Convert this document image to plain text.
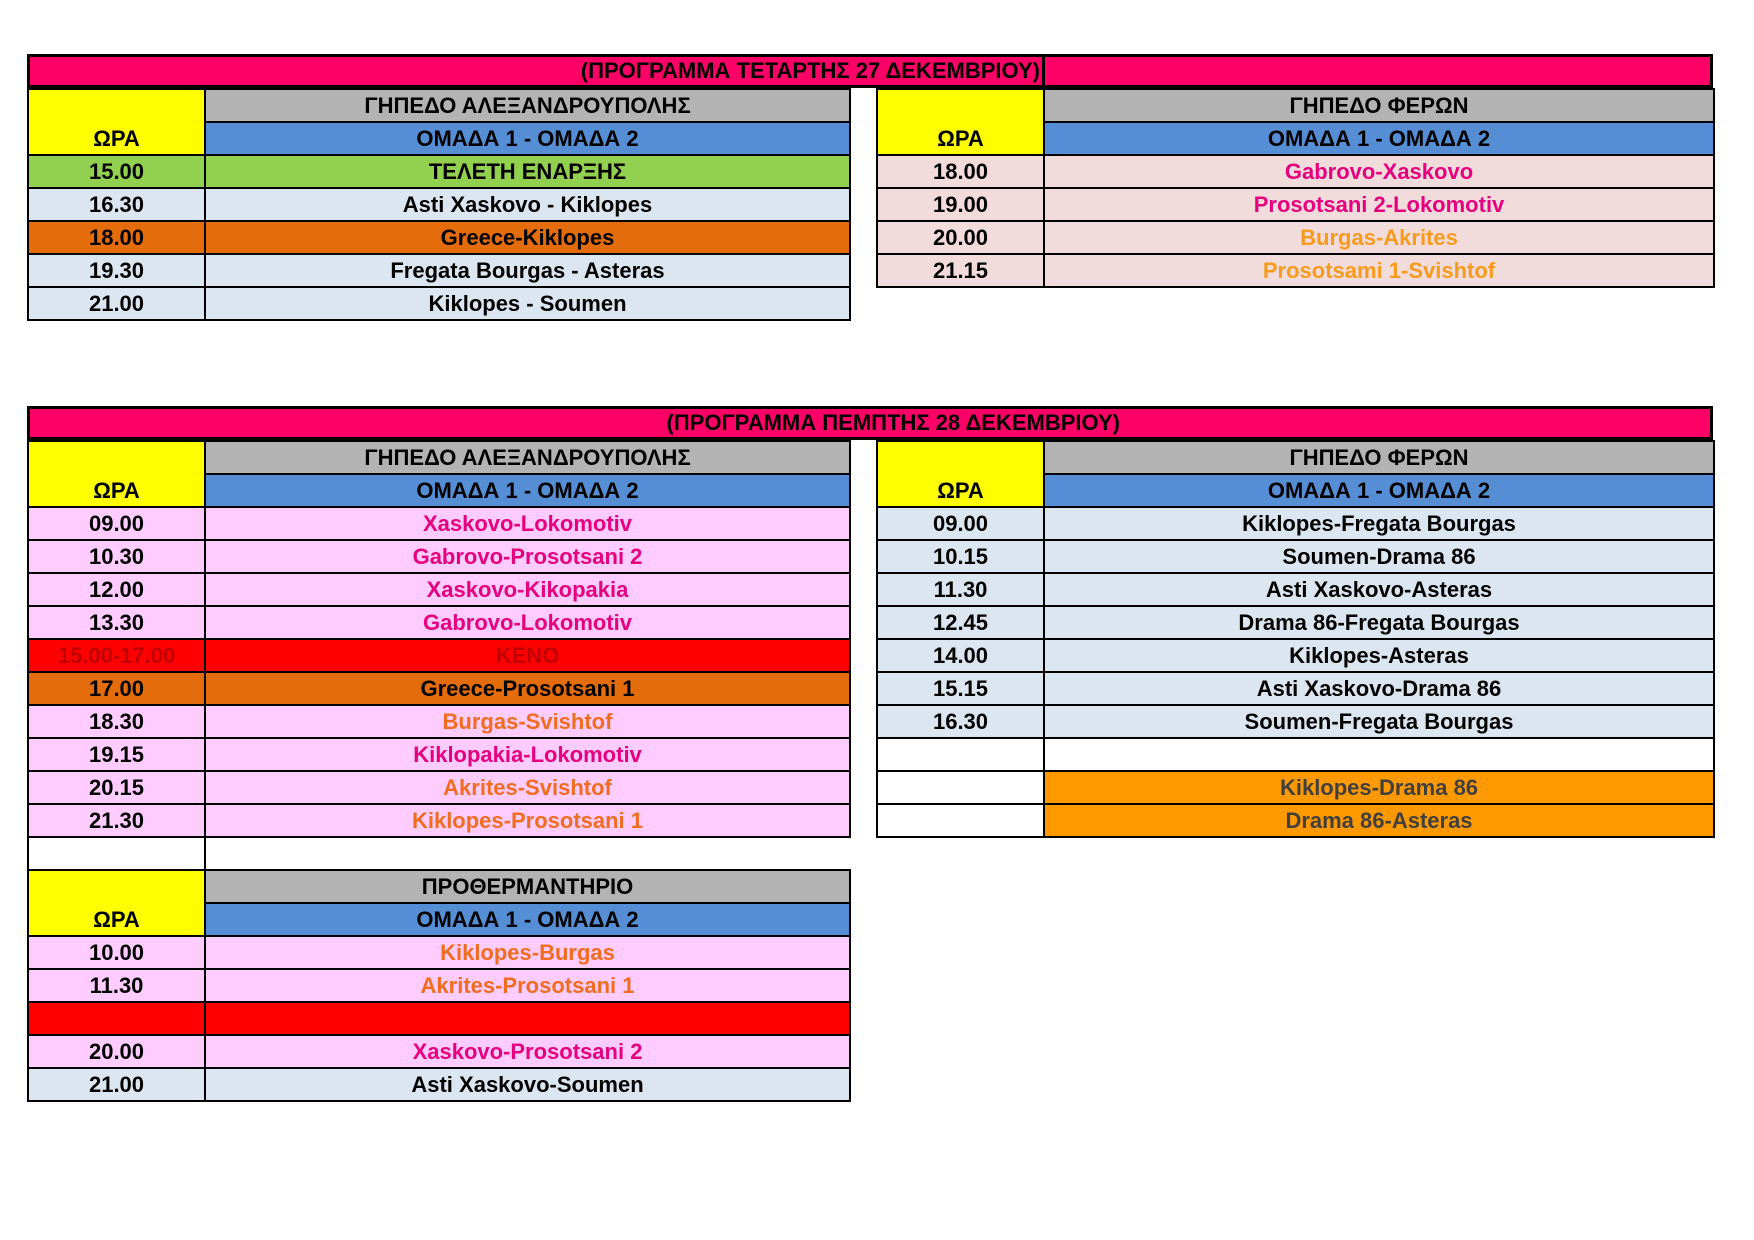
(ΠΡΟΓΡΑΜΜΑ ΤΕΤΑΡΤΗΣ 27 ΔΕΚΕΜΒΡΙΟΥ)
ΩΡΑ	ΓΗΠΕΔΟ ΑΛΕΞΑΝΔΡΟΥΠΟΛΗΣ
	ΟΜΑΔΑ 1 - ΟΜΑΔΑ 2
15.00	ΤΕΛΕΤΗ ΕΝΑΡΞΗΣ
16.30	Asti Xaskovo - Kiklopes
18.00	Greece-Kiklopes
19.30	Fregata Bourgas - Asteras
21.00	Kiklopes - Soumen
ΩΡΑ	ΓΗΠΕΔΟ ΦΕΡΩΝ
	ΟΜΑΔΑ 1 - ΟΜΑΔΑ 2
18.00	Gabrovo-Xaskovo
19.00	Prosotsani 2-Lokomotiv
20.00	Burgas-Akrites
21.15	Prosotsami 1-Svishtof
(ΠΡΟΓΡΑΜΜΑ ΠΕΜΠΤΗΣ 28 ΔΕΚΕΜΒΡΙΟΥ)
ΩΡΑ	ΓΗΠΕΔΟ ΑΛΕΞΑΝΔΡΟΥΠΟΛΗΣ
	ΟΜΑΔΑ 1 - ΟΜΑΔΑ 2
09.00	Xaskovo-Lokomotiv
10.30	Gabrovo-Prosotsani 2
12.00	Xaskovo-Kikopakia
13.30	Gabrovo-Lokomotiv
15.00-17.00	ΚΕΝΟ
17.00	Greece-Prosotsani 1
18.30	Burgas-Svishtof
19.15	Kiklopakia-Lokomotiv
20.15	Akrites-Svishtof
21.30	Kiklopes-Prosotsani 1

ΩΡΑ	ΠΡΟΘΕΡΜΑΝΤΗΡΙΟ
	ΟΜΑΔΑ 1 - ΟΜΑΔΑ 2
10.00	Kiklopes-Burgas
11.30	Akrites-Prosotsani 1

20.00	Xaskovo-Prosotsani 2
21.00	Asti Xaskovo-Soumen
ΩΡΑ	ΓΗΠΕΔΟ ΦΕΡΩΝ
	ΟΜΑΔΑ 1 - ΟΜΑΔΑ 2
09.00	Kiklopes-Fregata Bourgas
10.15	Soumen-Drama 86
11.30	Asti Xaskovo-Asteras
12.45	Drama 86-Fregata Bourgas
14.00	Kiklopes-Asteras
15.15	Asti Xaskovo-Drama 86
16.30	Soumen-Fregata Bourgas

	Kiklopes-Drama 86
	Drama 86-Asteras
